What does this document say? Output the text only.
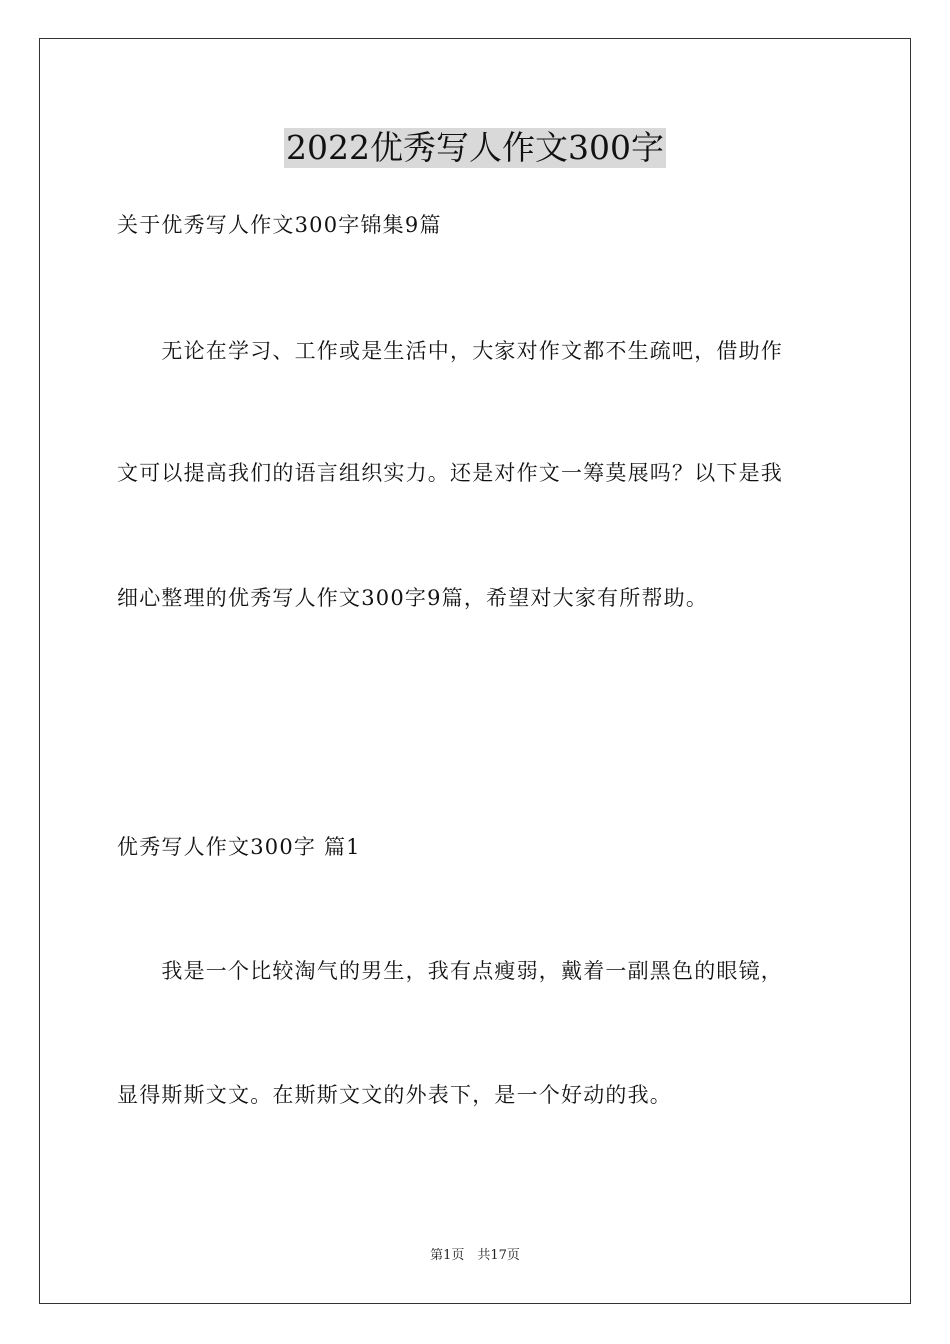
2022优秀写人作文300字
关于优秀写人作文300字锦集9篇
　　无论在学习、工作或是生活中，大家对作文都不生疏吧，借助作
文可以提高我们的语言组织实力。还是对作文一筹莫展吗？以下是我
细心整理的优秀写人作文300字9篇，希望对大家有所帮助。
优秀写人作文300字 篇1
　　我是一个比较淘气的男生，我有点瘦弱，戴着一副黑色的眼镜，
显得斯斯文文。在斯斯文文的外表下，是一个好动的我。
第1页　共17页
